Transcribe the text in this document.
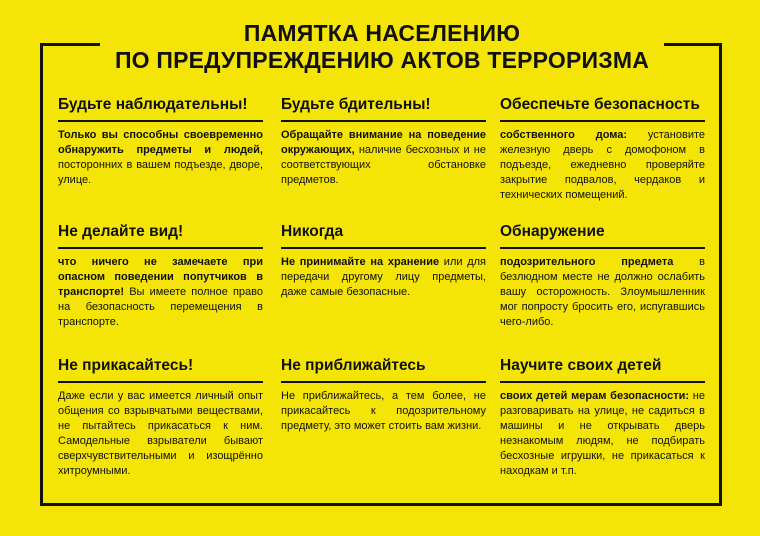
ПАМЯТКА НАСЕЛЕНИЮ
ПО ПРЕДУПРЕЖДЕНИЮ АКТОВ ТЕРРОРИЗМА
Будьте наблюдательны!
Только вы способны своевременно обнаружить предметы и людей, посторонних в вашем подъезде, дворе, улице.
Будьте бдительны!
Обращайте внимание на поведение окружающих, наличие бесхозных и не соответствующих обстановке предметов.
Обеспечьте безопасность
собственного дома: установите железную дверь с домофоном в подъезде, ежедневно проверяйте закрытие подвалов, чердаков и технических помещений.
Не делайте вид!
что ничего не замечаете при опасном поведении попутчиков в транспорте! Вы имеете полное право на безопасность перемещения в транспорте.
Никогда
Не принимайте на хранение или для передачи другому лицу предметы, даже самые безопасные.
Обнаружение
подозрительного предмета в безлюдном месте не должно ослабить вашу осторожность. Злоумышленник мог попросту бросить его, испугавшись чего-либо.
Не прикасайтесь!
Даже если у вас имеется личный опыт общения со взрывчатыми веществами, не пытайтесь прикасаться к ним. Самодельные взрыватели бывают сверхчувствительными и изощрённо хитроумными.
Не приближайтесь
Не приближайтесь, а тем более, не прикасайтесь к подозрительному предмету, это может стоить вам жизни.
Научите своих детей
своих детей мерам безопасности: не разговаривать на улице, не садиться в машины и не открывать дверь незнакомым людям, не подбирать бесхозные игрушки, не прикасаться к находкам и т.п.
